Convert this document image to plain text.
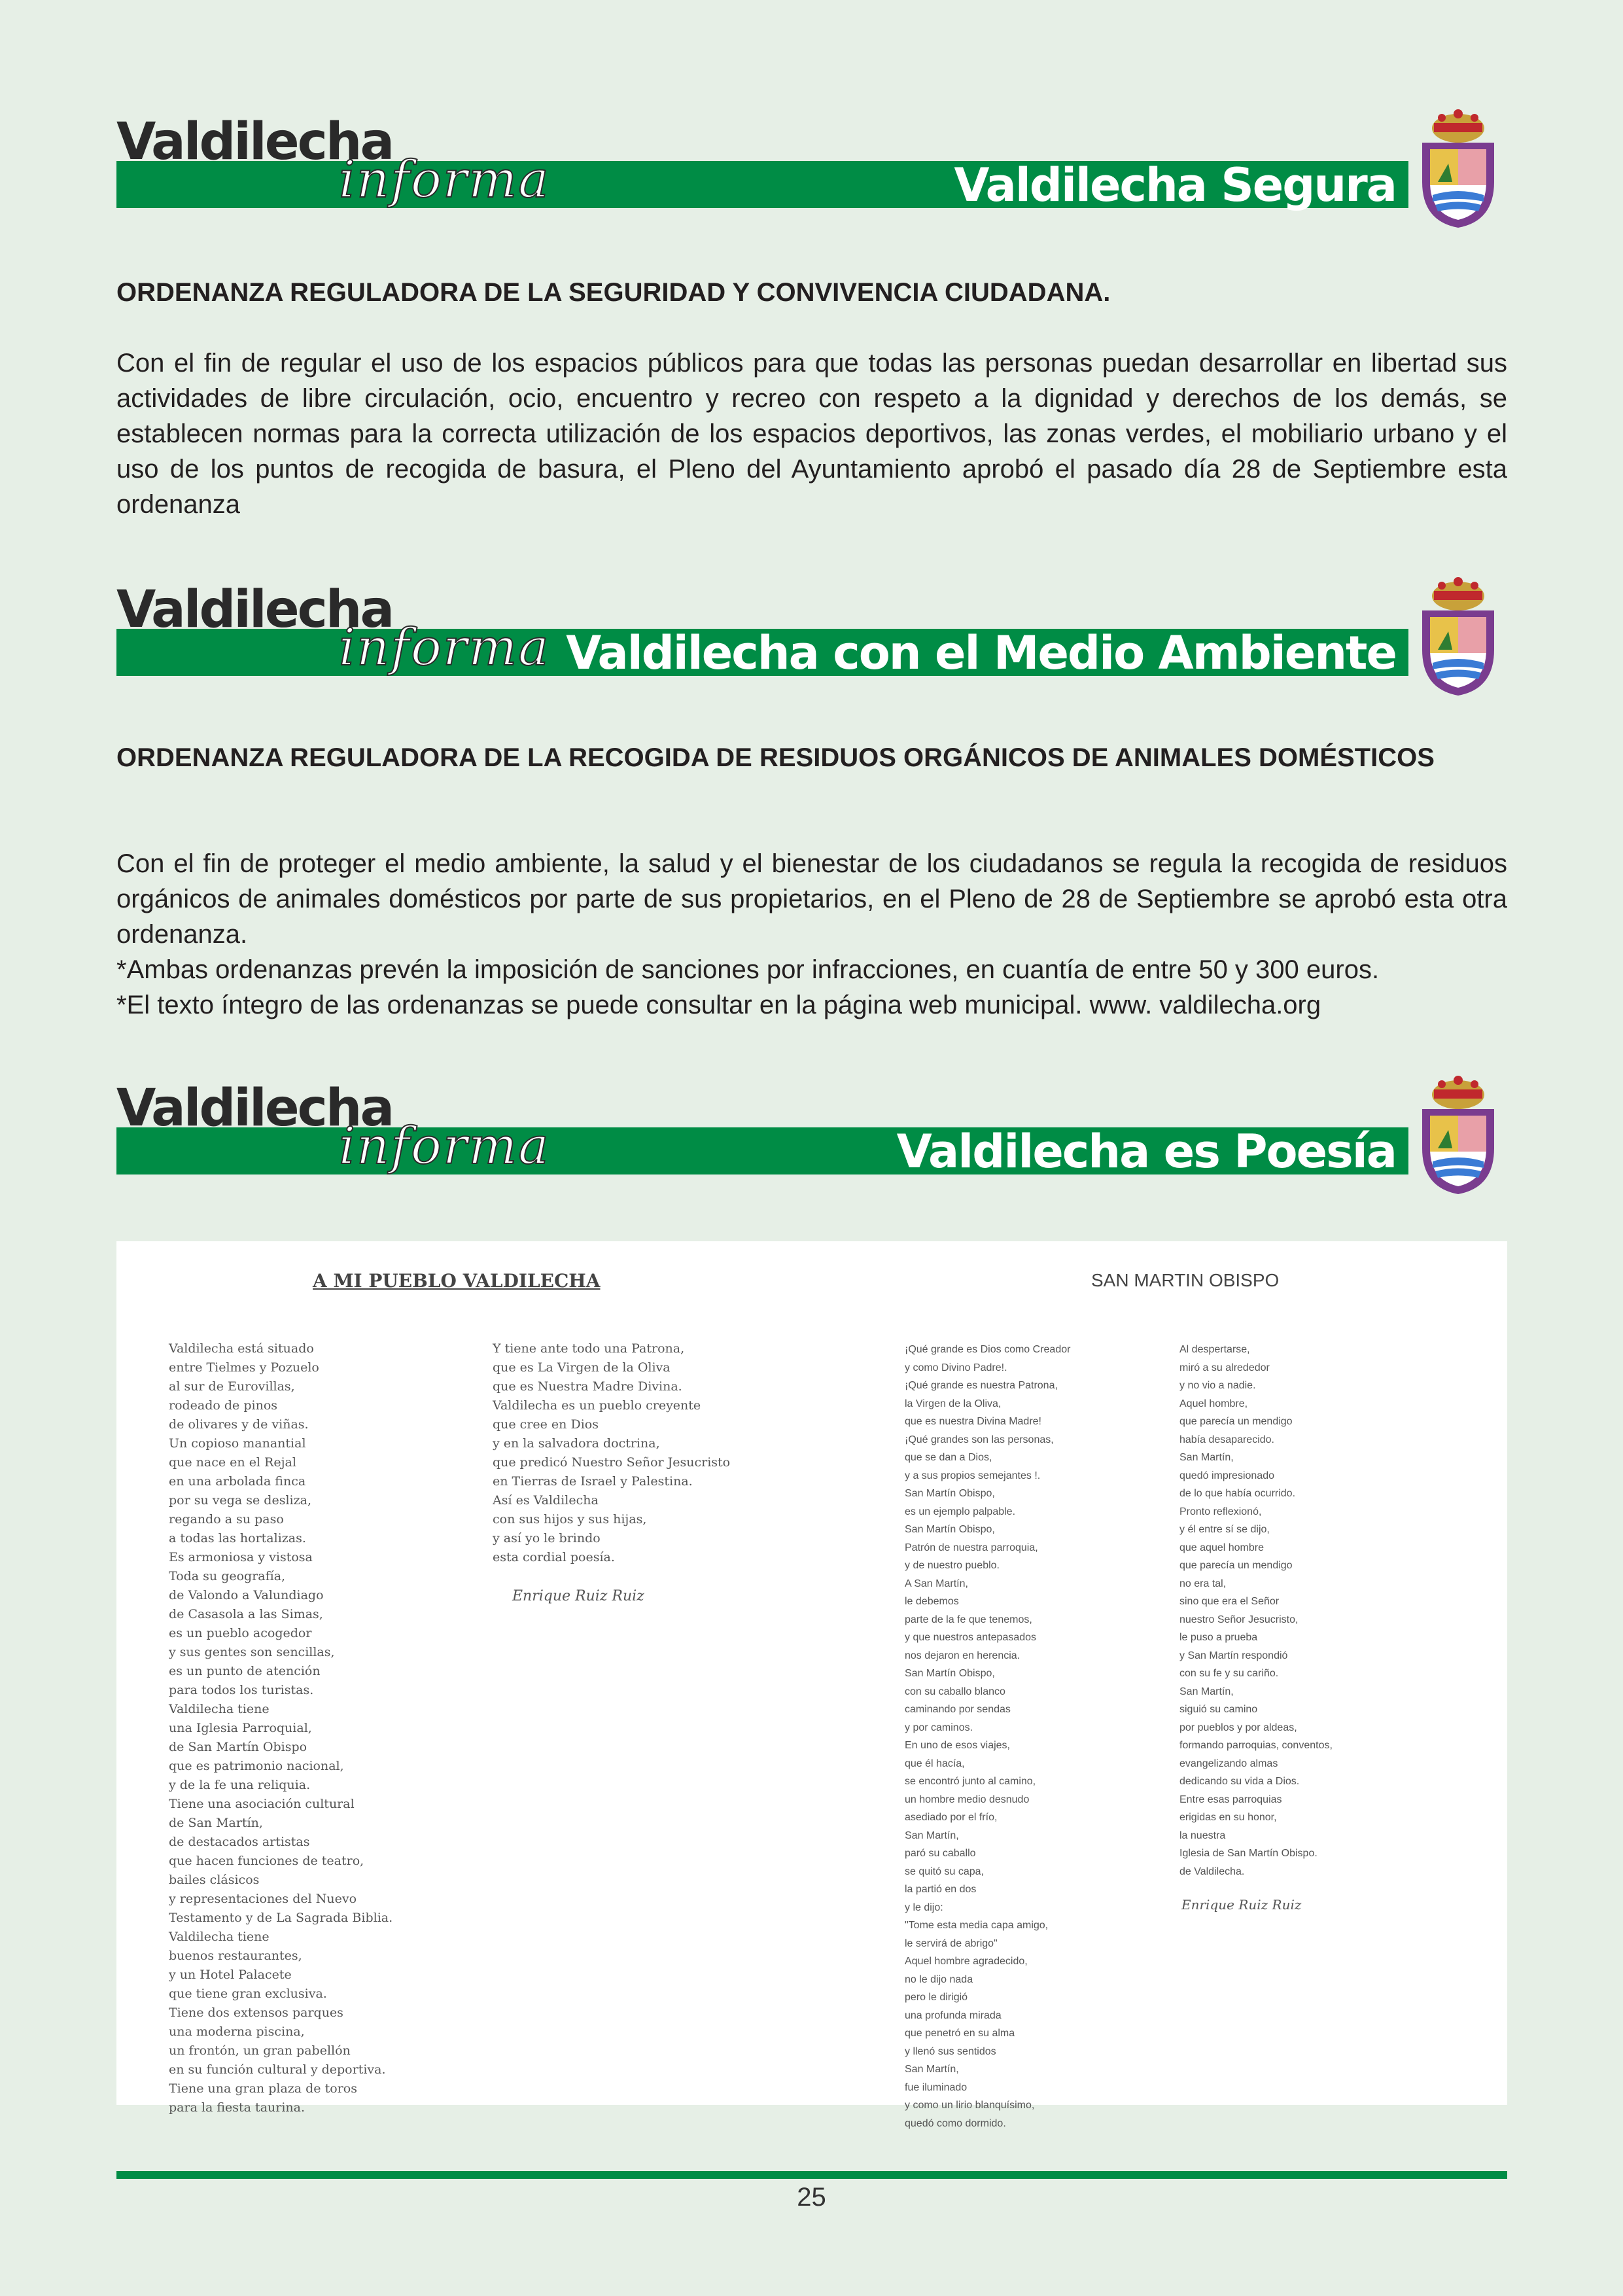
Valdilecha
informa	Valdilecha Segura

ORDENANZA REGULADORA DE LA SEGURIDAD Y CONVIVENCIA CIUDADANA.

Con el fin de regular el uso de los espacios públicos para que todas las personas puedan desarrollar en libertad sus actividades de libre circulación, ocio, encuentro y recreo con respeto a la dignidad y derechos de los demás, se establecen normas para la correcta utilización de los espacios deportivos, las zonas verdes, el mobiliario urbano y el uso de los puntos de recogida de basura, el Pleno del Ayuntamiento aprobó el pasado día 28 de Septiembre esta ordenanza

Valdilecha
informa Valdilecha con el Medio Ambiente

ORDENANZA REGULADORA DE LA RECOGIDA DE RESIDUOS ORGÁNICOS DE ANIMALES DOMÉSTICOS

Con el fin de proteger el medio ambiente, la salud y el bienestar de los ciudadanos se regula la recogida de residuos orgánicos de animales domésticos por parte de sus propietarios, en el Pleno de 28 de Septiembre se aprobó esta otra ordenanza.

*Ambas ordenanzas prevén la imposición de sanciones por infracciones, en cuantía de entre 50 y 300 euros.

*El texto íntegro de las ordenanzas se puede consultar en la página web municipal. www. valdilecha.org

Valdilecha
informa	Valdilecha es Poesía
A MI PUEBLO VALDILECHA	SAN MARTIN OBISPO
Valdilecha está situado
entre Tielmes y Pozuelo
al sur de Eurovillas,
rodeado de pinos
de olivares y de viñas.
Un copioso manantial
que nace en el Rejal
en una arbolada finca
por su vega se desliza,
regando a su paso
a todas las hortalizas.
Es armoniosa y vistosa
Toda su geografía,
de Valondo a Valundiago
de Casasola a las Simas,
es un pueblo acogedor
y sus gentes son sencillas,
es un punto de atención
para todos los turistas.
Valdilecha tiene
una Iglesia Parroquial,
de San Martín Obispo
que es patrimonio nacional,
y de la fe una reliquia.
Tiene una asociación cultural
de San Martín,
de destacados artistas
que hacen funciones de teatro,
bailes clásicos
y representaciones del Nuevo
Testamento y de La Sagrada Biblia.
Valdilecha tiene
buenos restaurantes,
y un Hotel Palacete
que tiene gran exclusiva.
Tiene dos extensos parques
una moderna piscina,
un frontón, un gran pabellón
en su función cultural y deportiva.
Tiene una gran plaza de toros
para la fiesta taurina.
Y tiene ante todo una Patrona,
que es La Virgen de la Oliva
que es Nuestra Madre Divina.
Valdilecha es un pueblo creyente
que cree en Dios
y en la salvadora doctrina,
que predicó Nuestro Señor Jesucristo
en Tierras de Israel y Palestina.
Así es Valdilecha
con sus hijos y sus hijas,
y así yo le brindo
esta cordial poesía.
Enrique Ruiz Ruiz
¡Qué grande es Dios como Creador
y como Divino Padre!.
¡Qué grande es nuestra Patrona,
la Virgen de la Oliva,
que es nuestra Divina Madre!
¡Qué grandes son las personas,
que se dan a Dios,
y a sus propios semejantes !.
San Martín Obispo,
es un ejemplo palpable.
San Martín Obispo,
Patrón de nuestra parroquia,
y de nuestro pueblo.
A San Martín,
le debemos
parte de la fe que tenemos,
y que nuestros antepasados
nos dejaron en herencia.
San Martín Obispo,
con su caballo blanco
caminando por sendas
y por caminos.
En uno de esos viajes,
que él hacía,
se encontró junto al camino,
un hombre medio desnudo
asediado por el frío,
San Martín,
paró su caballo
se quitó su capa,
la partió en dos
y le dijo:
"Tome esta media capa amigo,
le servirá de abrigo"
Aquel hombre agradecido,
no le dijo nada
pero le dirigió
una profunda mirada
que penetró en su alma
y llenó sus sentidos
San Martín,
fue iluminado
y como un lirio blanquísimo,
quedó como dormido.
Al despertarse,
miró a su alrededor
y no vio a nadie.
Aquel hombre,
que parecía un mendigo
había desaparecido.
San Martín,
quedó impresionado
de lo que había ocurrido.
Pronto reflexionó,
y él entre sí se dijo,
que aquel hombre
que parecía un mendigo
no era tal,
sino que era el Señor
nuestro Señor Jesucristo,
le puso a prueba
y San Martín respondió
con su fe y su cariño.
San Martín,
siguió su camino
por pueblos y por aldeas,
formando parroquias, conventos,
evangelizando almas
dedicando su vida a Dios.
Entre esas parroquias
erigidas en su honor,
la nuestra
Iglesia de San Martín Obispo.
de Valdilecha.
Enrique Ruiz Ruiz
25
